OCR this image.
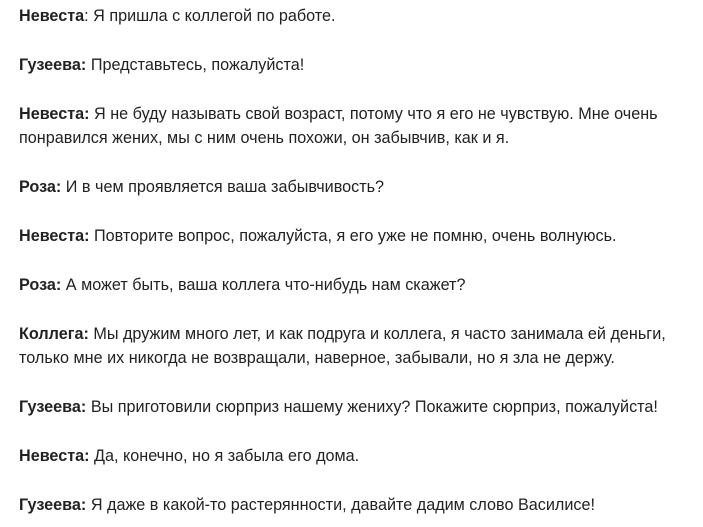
Невеста: Я пришла с коллегой по работе.

Гузеева: Представьтесь, пожалуйста!

Невеста: Я не буду называть свой возраст, потому что я его не чувствую. Мне очень

понравился жених, мы с ним очень похожи, он забывчив, как и я.

Роза: И в чем проявляется ваша забывчивость?

Невеста: Повторите вопрос, пожалуйста, я его уже не помню, очень волнуюсь.

Роза: А может быть, ваша коллега что-нибудь нам скажет?

Коллега: Мы дружим много лет, и как подруга и коллега, я часто занимала ей деньги,

только мне их никогда не возвращали, наверное, забывали, но я зла не держу.

Гузеева: Вы приготовили сюрприз нашему жениху? Покажите сюрприз, пожалуйста!

Невеста: Да, конечно, но я забыла его дома.

Гузеева: Я даже в какой-то растерянности, давайте дадим слово Василисе!
